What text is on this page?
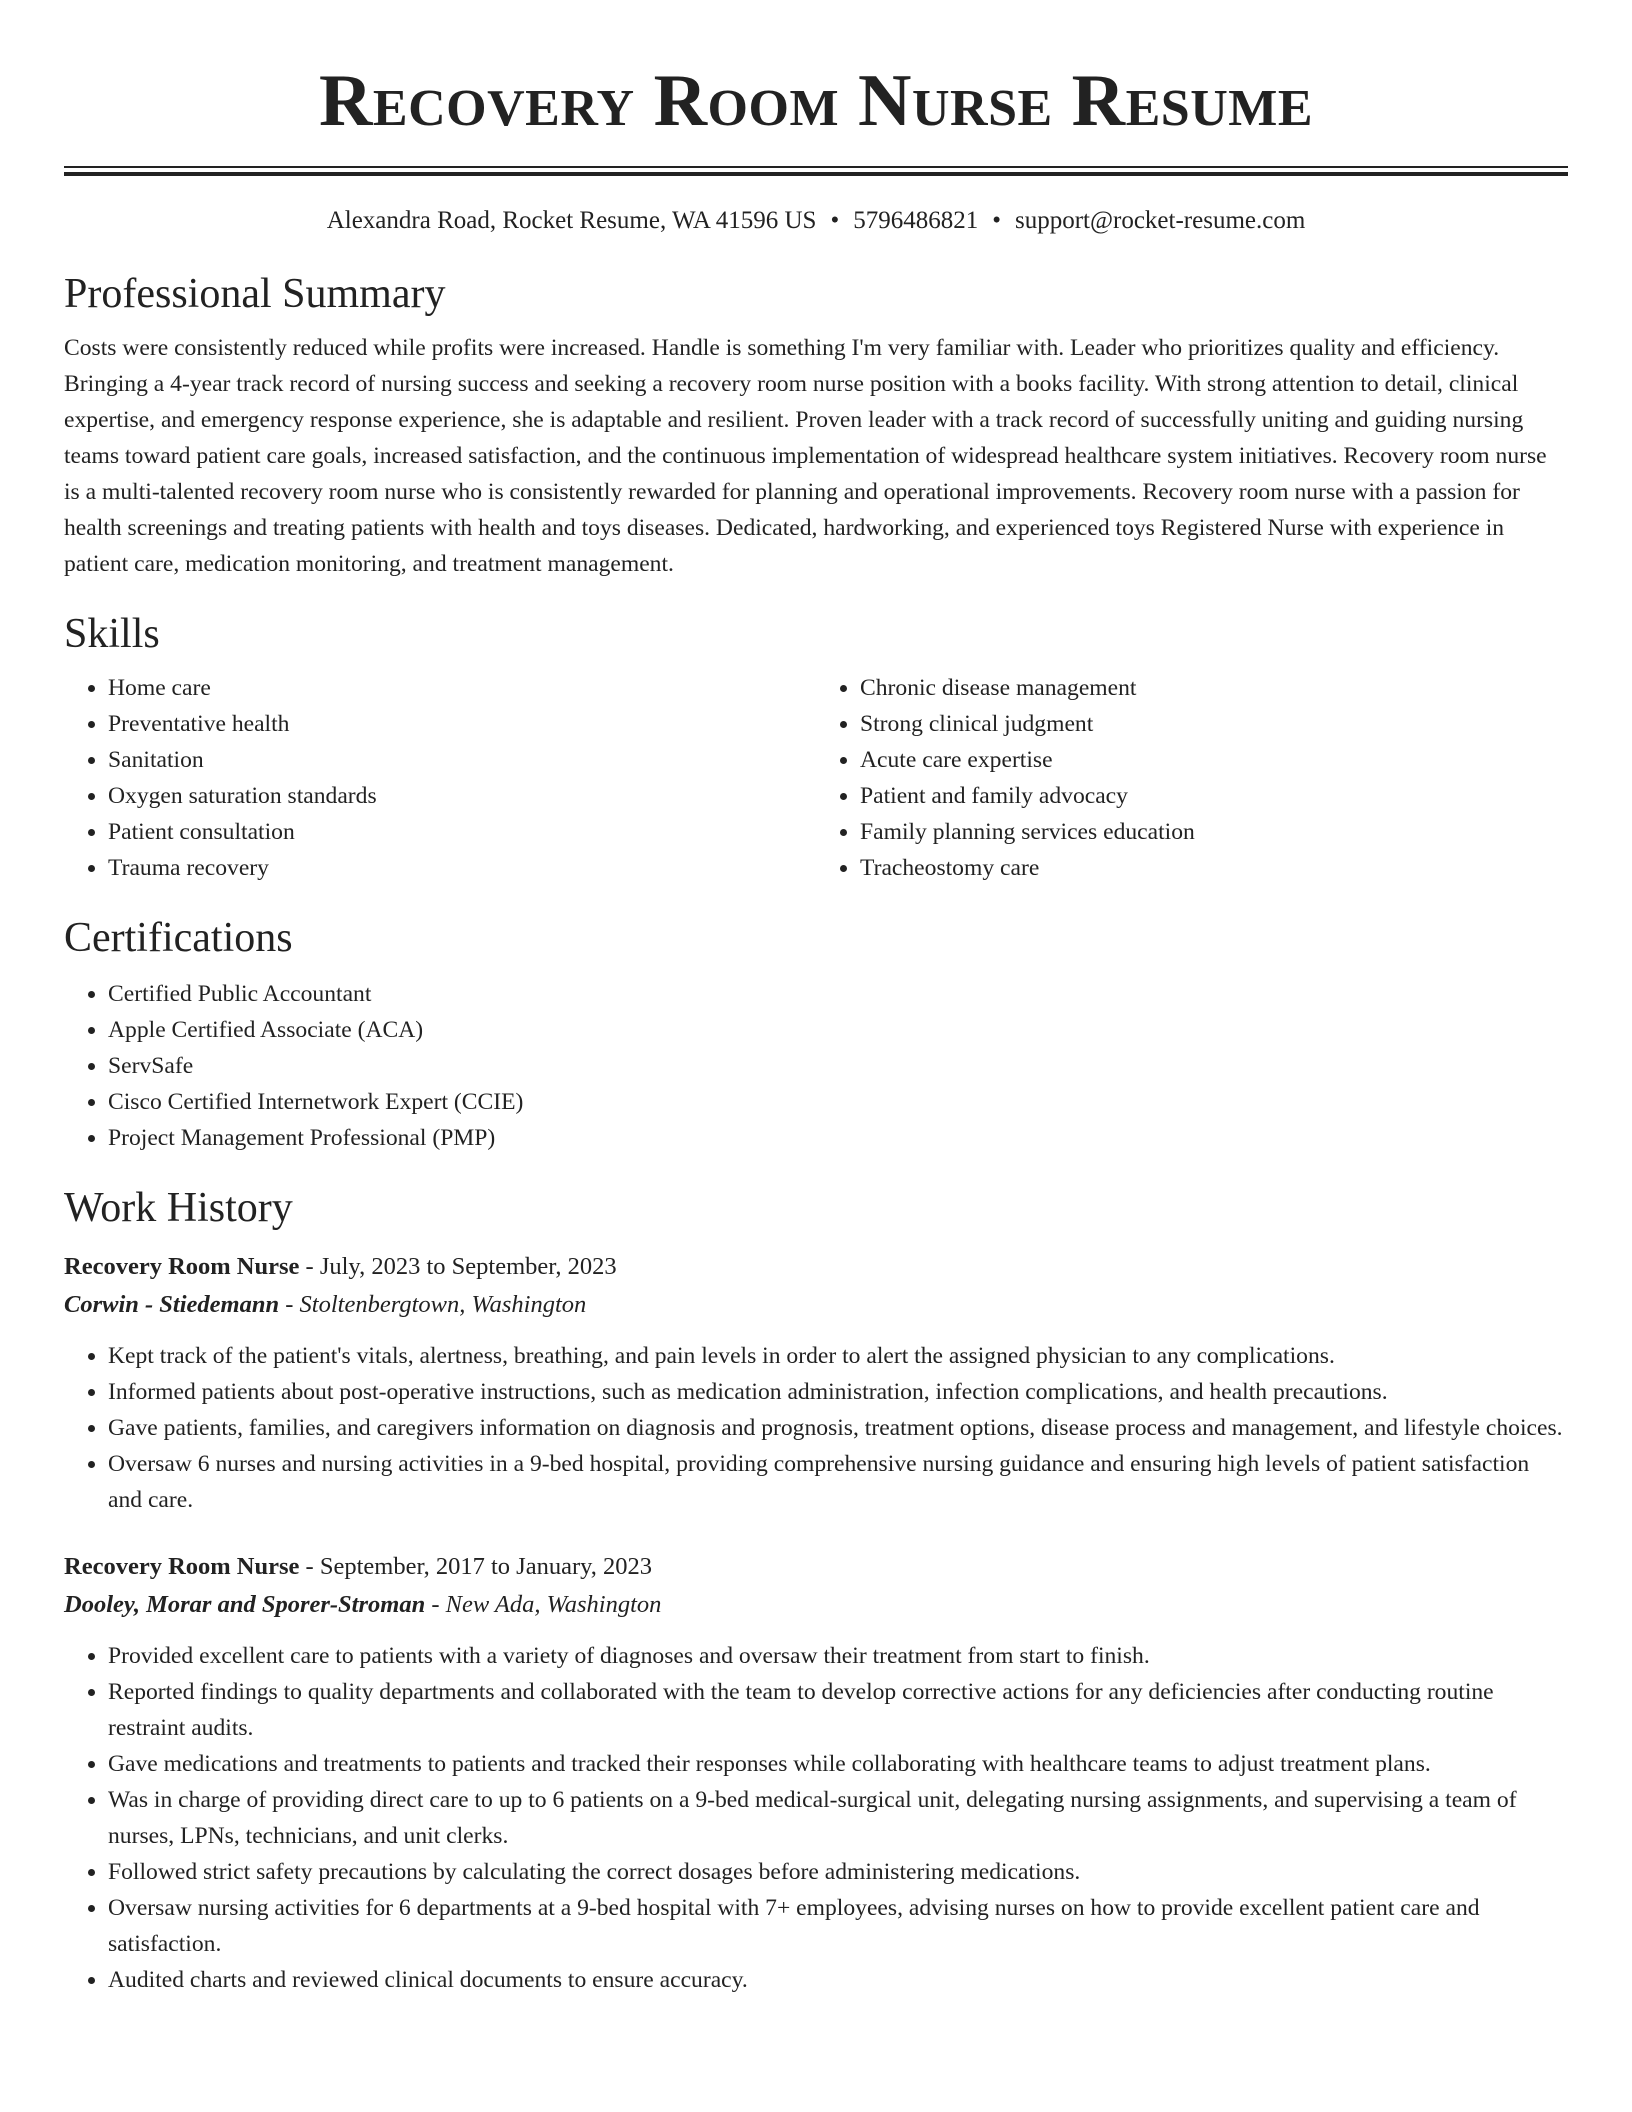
Recovery Room Nurse Resume
Alexandra Road, Rocket Resume, WA 41596 US • 5796486821 • support@rocket-resume.com
Professional Summary

Costs were consistently reduced while profits were increased. Handle is something I'm very familiar with. Leader who prioritizes quality and efficiency. Bringing a 4-year track record of nursing success and seeking a recovery room nurse position with a books facility. With strong attention to detail, clinical expertise, and emergency response experience, she is adaptable and resilient. Proven leader with a track record of successfully uniting and guiding nursing teams toward patient care goals, increased satisfaction, and the continuous implementation of widespread healthcare system initiatives. Recovery room nurse is a multi-talented recovery room nurse who is consistently rewarded for planning and operational improvements. Recovery room nurse with a passion for health screenings and treating patients with health and toys diseases. Dedicated, hardworking, and experienced toys Registered Nurse with experience in patient care, medication monitoring, and treatment management.

Skills
• Home care
• Preventative health
• Sanitation
• Oxygen saturation standards
• Patient consultation
• Trauma recovery
• Chronic disease management
• Strong clinical judgment
• Acute care expertise
• Patient and family advocacy
• Family planning services education
• Tracheostomy care
Certifications
• Certified Public Accountant
• Apple Certified Associate (ACA)
• ServSafe
• Cisco Certified Internetwork Expert (CCIE)
• Project Management Professional (PMP)
Work History
Recovery Room Nurse - July, 2023 to September, 2023
Corwin - Stiedemann - Stoltenbergtown, Washington
• Kept track of the patient's vitals, alertness, breathing, and pain levels in order to alert the assigned physician to any complications.
• Informed patients about post-operative instructions, such as medication administration, infection complications, and health precautions.
• Gave patients, families, and caregivers information on diagnosis and prognosis, treatment options, disease process and management, and lifestyle choices.
• Oversaw 6 nurses and nursing activities in a 9-bed hospital, providing comprehensive nursing guidance and ensuring high levels of patient satisfaction and care.
Recovery Room Nurse - September, 2017 to January, 2023
Dooley, Morar and Sporer-Stroman - New Ada, Washington
• Provided excellent care to patients with a variety of diagnoses and oversaw their treatment from start to finish.
• Reported findings to quality departments and collaborated with the team to develop corrective actions for any deficiencies after conducting routine restraint audits.
• Gave medications and treatments to patients and tracked their responses while collaborating with healthcare teams to adjust treatment plans.
• Was in charge of providing direct care to up to 6 patients on a 9-bed medical-surgical unit, delegating nursing assignments, and supervising a team of nurses, LPNs, technicians, and unit clerks.
• Followed strict safety precautions by calculating the correct dosages before administering medications.
• Oversaw nursing activities for 6 departments at a 9-bed hospital with 7+ employees, advising nurses on how to provide excellent patient care and satisfaction.
• Audited charts and reviewed clinical documents to ensure accuracy.
